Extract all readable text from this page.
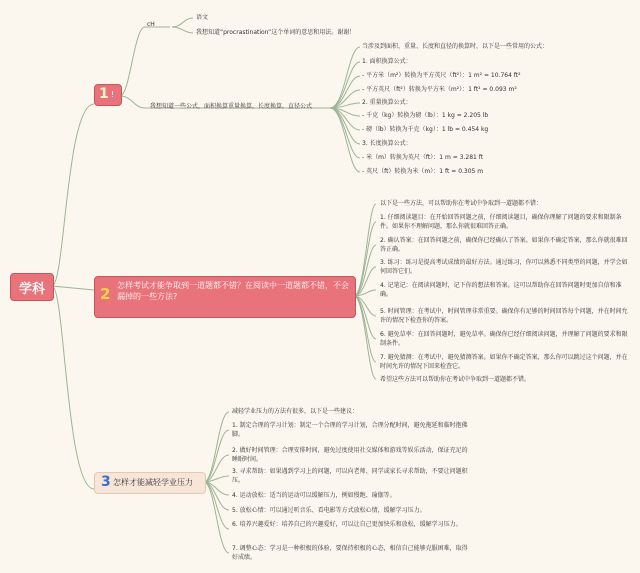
学科
1 !
cH
语文
我想知道“procrastination”这个单词的意思和用法。谢谢！
我想知道一些公式，面积换算重量换算，长度换算，直径公式
当涉及到面积、重量、长度和直径的换算时，以下是一些常用的公式：
1. 面积换算公式：
- 平方米（m²）转换为平方英尺（ft²）：1 m² = 10.764 ft²
- 平方英尺（ft²）转换为平方米（m²）：1 ft² = 0.093 m²
2. 重量换算公式：
- 千克（kg）转换为磅（lb）：1 kg = 2.205 lb
- 磅（lb）转换为千克（kg）：1 lb = 0.454 kg
3. 长度换算公式：
- 米（m）转换为英尺（ft）：1 m = 3.281 ft
- 英尺（ft）转换为米（m）：1 ft = 0.305 m
2 怎样考试才能争取到一道题都不错？在阅读中一道题都不错，不会漏掉的一些方法?
以下是一些方法，可以帮助你在考试中争取到一道题都不错：
1. 仔细阅读题目：在开始回答问题之前，仔细阅读题目，确保你理解了问题的要求和限制条件。如果你不理解问题，那么你就很难回答正确。
2. 确认答案：在回答问题之前，确保你已经确认了答案。如果你不确定答案，那么你就很难回答正确。
3. 练习：练习是提高考试成绩的最好方法。通过练习，你可以熟悉不同类型的问题，并学会如何回答它们。
4. 记笔记：在阅读问题时，记下你的想法和答案。这可以帮助你在回答问题时更加自信和准确。
5. 时间管理：在考试中，时间管理非常重要。确保你有足够的时间回答每个问题，并在时间允许的情况下检查你的答案。
6. 避免草率：在回答问题时，避免草率。确保你已经仔细阅读问题，并理解了问题的要求和限制条件。
7. 避免猜测：在考试中，避免猜测答案。如果你不确定答案，那么你可以跳过这个问题，并在时间允许的情况下回来检查它。
希望这些方法可以帮助你在考试中争取到一道题都不错。
3 怎样才能减轻学业压力
减轻学业压力的方法有很多，以下是一些建议：
1. 制定合理的学习计划：制定一个合理的学习计划，合理分配时间，避免拖延和临时抱佛脚。
2. 做好时间管理：合理安排时间，避免过度使用社交媒体和游戏等娱乐活动，保证充足的睡眠时间。
3. 寻求帮助：如果遇到学习上的问题，可以向老师、同学或家长寻求帮助，不要让问题积压。
4. 运动放松：适当的运动可以缓解压力，例如慢跑、瑜伽等。
5. 放松心情：可以通过听音乐、看电影等方式放松心情，缓解学习压力。
6. 培养兴趣爱好：培养自己的兴趣爱好，可以让自己更加快乐和放松，缓解学习压力。
7. 调整心态：学习是一种积极的体验，要保持积极的心态，相信自己能够克服困难，取得好成绩。
